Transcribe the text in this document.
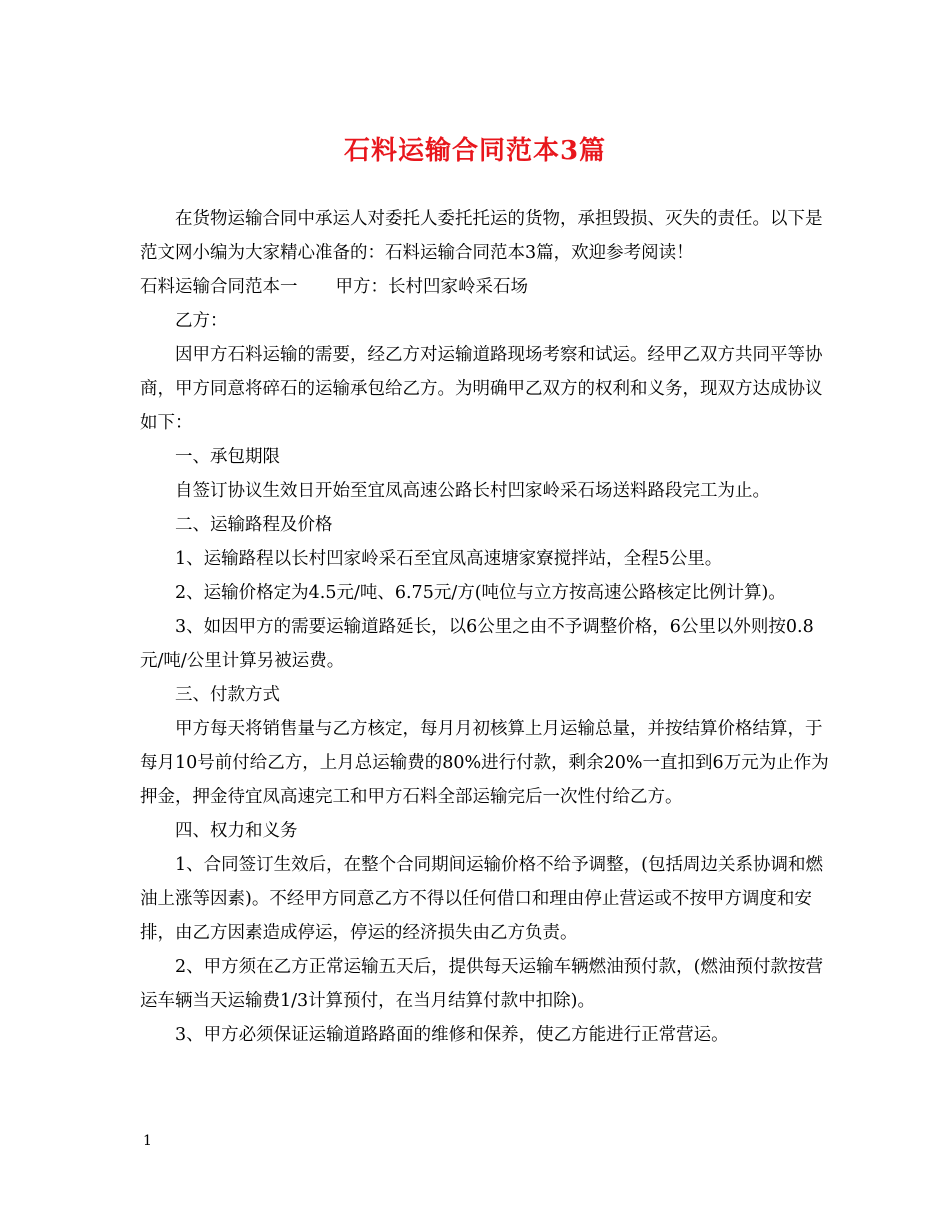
石料运输合同范本3篇

在货物运输合同中承运人对委托人委托托运的货物，承担毁损、灭失的责任。以下是范文网小编为大家精心准备的：石料运输合同范本3篇，欢迎参考阅读！

石料运输合同范本一 甲方：长村凹家岭采石场

乙方：

因甲方石料运输的需要，经乙方对运输道路现场考察和试运。经甲乙双方共同平等协商，甲方同意将碎石的运输承包给乙方。为明确甲乙双方的权利和义务，现双方达成协议如下：

一、承包期限

自签订协议生效日开始至宜凤高速公路长村凹家岭采石场送料路段完工为止。

二、运输路程及价格

1、运输路程以长村凹家岭采石至宜凤高速塘家寮搅拌站，全程5公里。

2、运输价格定为4.5元/吨、6.75元/方(吨位与立方按高速公路核定比例计算)。

3、如因甲方的需要运输道路延长，以6公里之由不予调整价格，6公里以外则按0.8元/吨/公里计算另被运费。

三、付款方式

甲方每天将销售量与乙方核定，每月月初核算上月运输总量，并按结算价格结算，于每月10号前付给乙方，上月总运输费的80%进行付款，剩余20%一直扣到6万元为止作为押金，押金待宜凤高速完工和甲方石料全部运输完后一次性付给乙方。

四、权力和义务

1、合同签订生效后，在整个合同期间运输价格不给予调整，(包括周边关系协调和燃油上涨等因素)。不经甲方同意乙方不得以任何借口和理由停止营运或不按甲方调度和安排，由乙方因素造成停运，停运的经济损失由乙方负责。

2、甲方须在乙方正常运输五天后，提供每天运输车辆燃油预付款，(燃油预付款按营运车辆当天运输费1/3计算预付，在当月结算付款中扣除)。

3、甲方必须保证运输道路路面的维修和保养，使乙方能进行正常营运。

1
